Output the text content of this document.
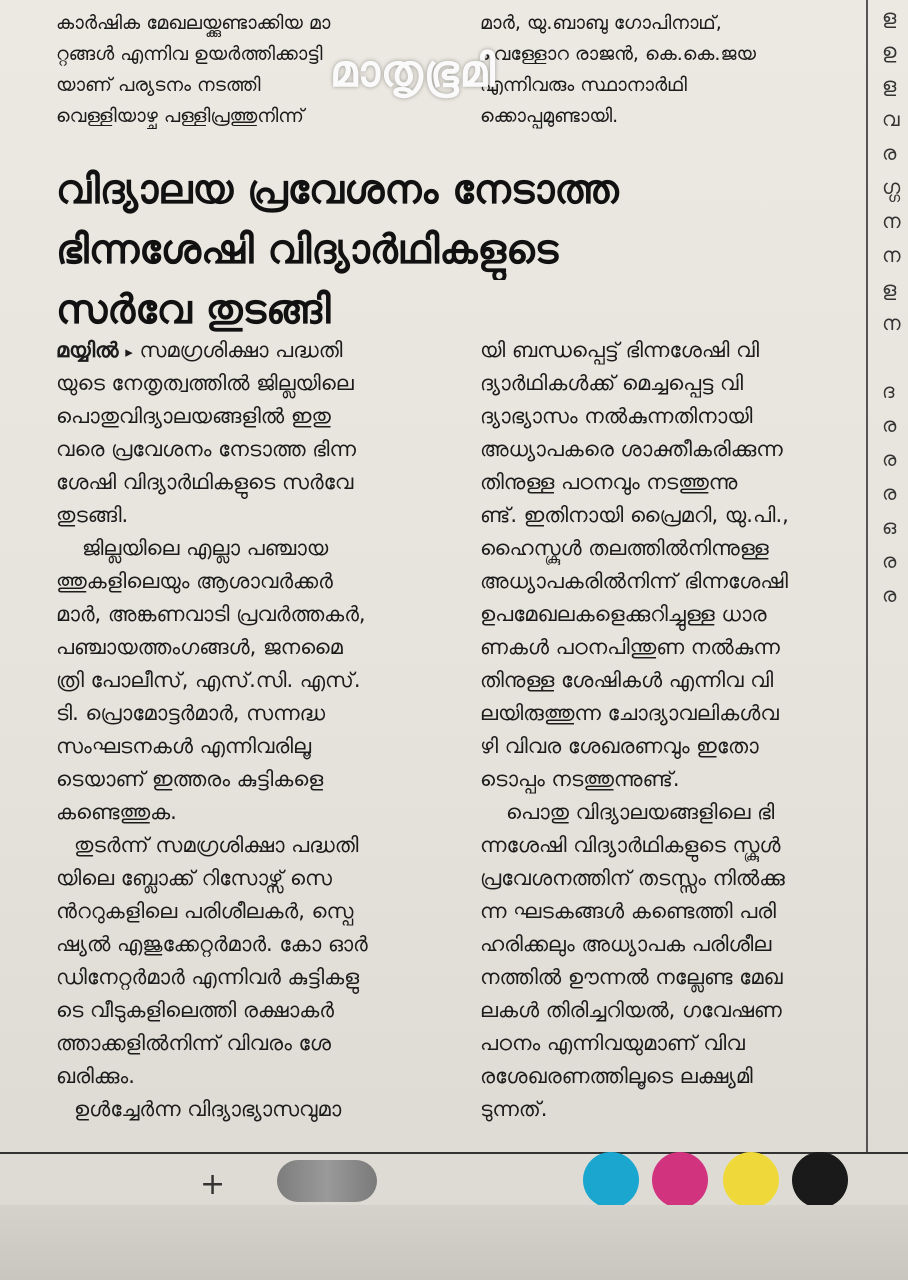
കാർഷിക മേഖലയ്ക്കുണ്ടാക്കിയ മാ
റ്റങ്ങൾ എന്നിവ ഉയർത്തിക്കാട്ടി
യാണ് പര്യടനം നടത്തി
വെള്ളിയാഴ്ച പള്ളിപ്രത്തുനിന്ന്
മാർ, യു.ബാബു ഗോപിനാഥ്,
വെള്ളോറ രാജൻ, കെ.കെ.ജയ
എന്നിവരും സ്ഥാനാർഥി
ക്കൊപ്പമുണ്ടായി.
മാതൃഭൂമി
വിദ്യാലയ പ്രവേശനം നേടാത്ത
ഭിന്നശേഷി വിദ്യാർഥികളുടെ
സർവേ തുടങ്ങി
മയ്യിൽ ▸ സമഗ്രശിക്ഷാ പദ്ധതി
യുടെ നേതൃത്വത്തിൽ ജില്ലയിലെ
പൊതുവിദ്യാലയങ്ങളിൽ ഇതു
വരെ പ്രവേശനം നേടാത്ത ഭിന്ന
ശേഷി വിദ്യാർഥികളുടെ സർവേ
തുടങ്ങി.
ജില്ലയിലെ എല്ലാ പഞ്ചായ
ത്തുകളിലെയും ആശാവർക്കർ
മാർ, അങ്കണവാടി പ്രവർത്തകർ,
പഞ്ചായത്തംഗങ്ങൾ, ജനമൈ
ത്രി പോലീസ്, എസ്.സി. എസ്.
ടി. പ്രൊമോട്ടർമാർ, സന്നദ്ധ
സംഘടനകൾ എന്നിവരിലൂ
ടെയാണ് ഇത്തരം കുട്ടികളെ
കണ്ടെത്തുക.
തുടർന്ന് സമഗ്രശിക്ഷാ പദ്ധതി
യിലെ ബ്ലോക്ക് റിസോഴ്സ് സെ
ൻററുകളിലെ പരിശീലകർ, സ്പെ
ഷ്യൽ എജുക്കേറ്റർമാർ. കോ ഓർ
ഡിനേറ്റർമാർ എന്നിവർ കുട്ടികളു
ടെ വീടുകളിലെത്തി രക്ഷാകർ
ത്താക്കളിൽനിന്ന് വിവരം ശേ
ഖരിക്കും.
ഉൾച്ചേർന്ന വിദ്യാഭ്യാസവുമാ
യി ബന്ധപ്പെട്ട് ഭിന്നശേഷി വി
ദ്യാർഥികൾക്ക് മെച്ചപ്പെട്ട വി
ദ്യാഭ്യാസം നൽകുന്നതിനായി
അധ്യാപകരെ ശാക്തീകരിക്കുന്ന
തിനുള്ള പഠനവും നടത്തുന്നു
ണ്ട്. ഇതിനായി പ്രൈമറി, യു.പി.,
ഹൈസ്കൂൾ തലത്തിൽനിന്നുള്ള
അധ്യാപകരിൽനിന്ന് ഭിന്നശേഷി
ഉപമേഖലകളെക്കുറിച്ചുള്ള ധാര
ണകൾ പഠനപിന്തുണ നൽകുന്ന
തിനുള്ള ശേഷികൾ എന്നിവ വി
ലയിരുത്തുന്ന ചോദ്യാവലികൾവ
ഴി വിവര ശേഖരണവും ഇതോ
ടൊപ്പം നടത്തുന്നുണ്ട്.
പൊതു വിദ്യാലയങ്ങളിലെ ഭി
ന്നശേഷി വിദ്യാർഥികളുടെ സ്കൂൾ
പ്രവേശനത്തിന് തടസ്സം നിൽക്കു
ന്ന ഘടകങ്ങൾ കണ്ടെത്തി പരി
ഹരിക്കലും അധ്യാപക പരിശീല
നത്തിൽ ഊന്നൽ നല്ലേണ്ട മേഖ
ലകൾ തിരിച്ചറിയൽ, ഗവേഷണ
പഠനം എന്നിവയുമാണ് വിവ
രശേഖരണത്തിലൂടെ ലക്ഷ്യമി
ടുന്നത്.
ള
ഉ
ള
വ
ര
ഗ്ഗ
ന
ന
ള
ന
ദ
ര
ര
ര
ഒ
ര
ര
+
